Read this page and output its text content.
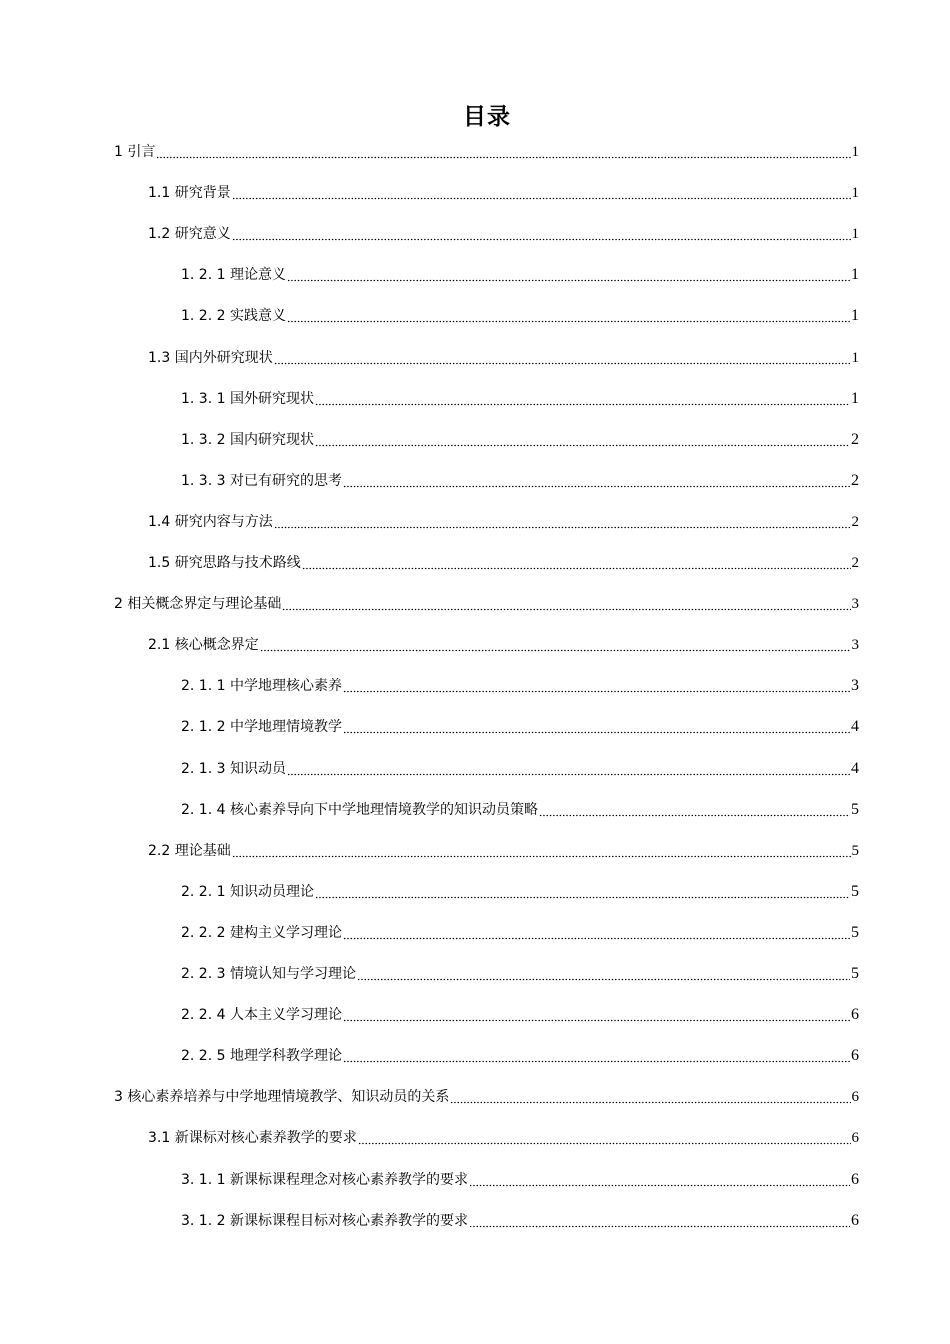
目录
1 引言	1
1.1 研究背景	1
1.2 研究意义	1
1. 2. 1 理论意义	1
1. 2. 2 实践意义	1
1.3 国内外研究现状	1
1. 3. 1 国外研究现状	1
1. 3. 2 国内研究现状	2
1. 3. 3 对已有研究的思考	2
1.4 研究内容与方法	2
1.5 研究思路与技术路线	2
2 相关概念界定与理论基础	3
2.1 核心概念界定	3
2. 1. 1 中学地理核心素养	3
2. 1. 2 中学地理情境教学	4
2. 1. 3 知识动员	4
2. 1. 4 核心素养导向下中学地理情境教学的知识动员策略	5
2.2 理论基础	5
2. 2. 1 知识动员理论	5
2. 2. 2 建构主义学习理论	5
2. 2. 3 情境认知与学习理论	5
2. 2. 4 人本主义学习理论	6
2. 2. 5 地理学科教学理论	6
3 核心素养培养与中学地理情境教学、知识动员的关系	6
3.1 新课标对核心素养教学的要求	6
3. 1. 1 新课标课程理念对核心素养教学的要求	6
3. 1. 2 新课标课程目标对核心素养教学的要求	6
